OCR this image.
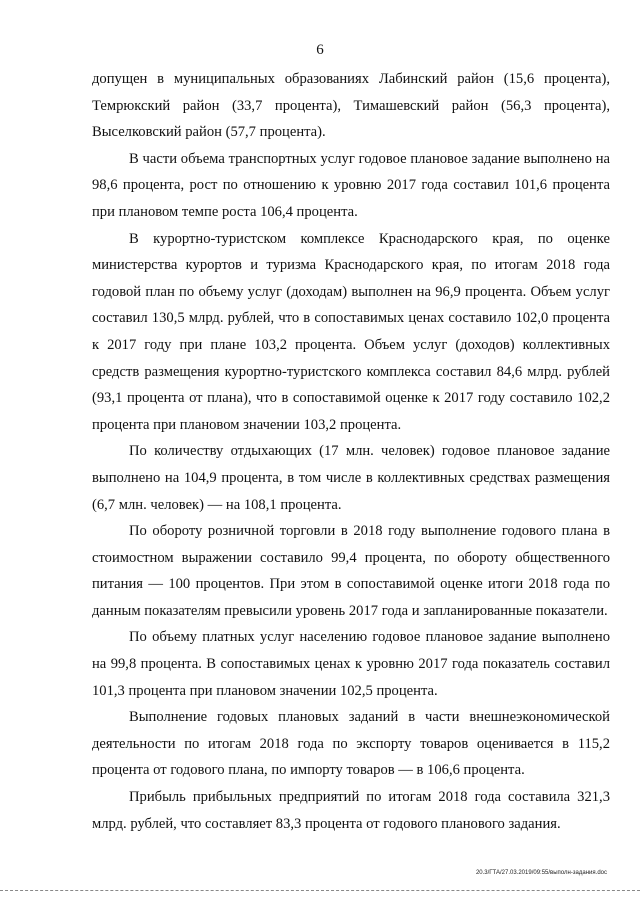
6

допущен в муниципальных образованиях Лабинский район (15,6 процента), Темрюкский район (33,7 процента), Тимашевский район (56,3 процента), Выселковский район (57,7 процента).

В части объема транспортных услуг годовое плановое задание выполнено на 98,6 процента, рост по отношению к уровню 2017 года составил 101,6 процента при плановом темпе роста 106,4 процента.

В курортно-туристском комплексе Краснодарского края, по оценке министерства курортов и туризма Краснодарского края, по итогам 2018 года годовой план по объему услуг (доходам) выполнен на 96,9 процента. Объем услуг составил 130,5 млрд. рублей, что в сопоставимых ценах составило 102,0 процента к 2017 году при плане 103,2 процента. Объем услуг (доходов) коллективных средств размещения курортно-туристского комплекса составил 84,6 млрд. рублей (93,1 процента от плана), что в сопоставимой оценке к 2017 году составило 102,2 процента при плановом значении 103,2 процента.

По количеству отдыхающих (17 млн. человек) годовое плановое задание выполнено на 104,9 процента, в том числе в коллективных средствах размещения (6,7 млн. человек) — на 108,1 процента.

По обороту розничной торговли в 2018 году выполнение годового плана в стоимостном выражении составило 99,4 процента, по обороту общественного питания — 100 процентов. При этом в сопоставимой оценке итоги 2018 года по данным показателям превысили уровень 2017 года и запланированные показатели.

По объему платных услуг населению годовое плановое задание выполнено на 99,8 процента. В сопоставимых ценах к уровню 2017 года показатель составил 101,3 процента при плановом значении 102,5 процента.

Выполнение годовых плановых заданий в части внешнеэкономической деятельности по итогам 2018 года по экспорту товаров оценивается в 115,2 процента от годового плана, по импорту товаров — в 106,6 процента.

Прибыль прибыльных предприятий по итогам 2018 года составила 321,3 млрд. рублей, что составляет 83,3 процента от годового планового задания.

20.3/ГТА/27.03.2019/09:55/выполн-задания.doc
